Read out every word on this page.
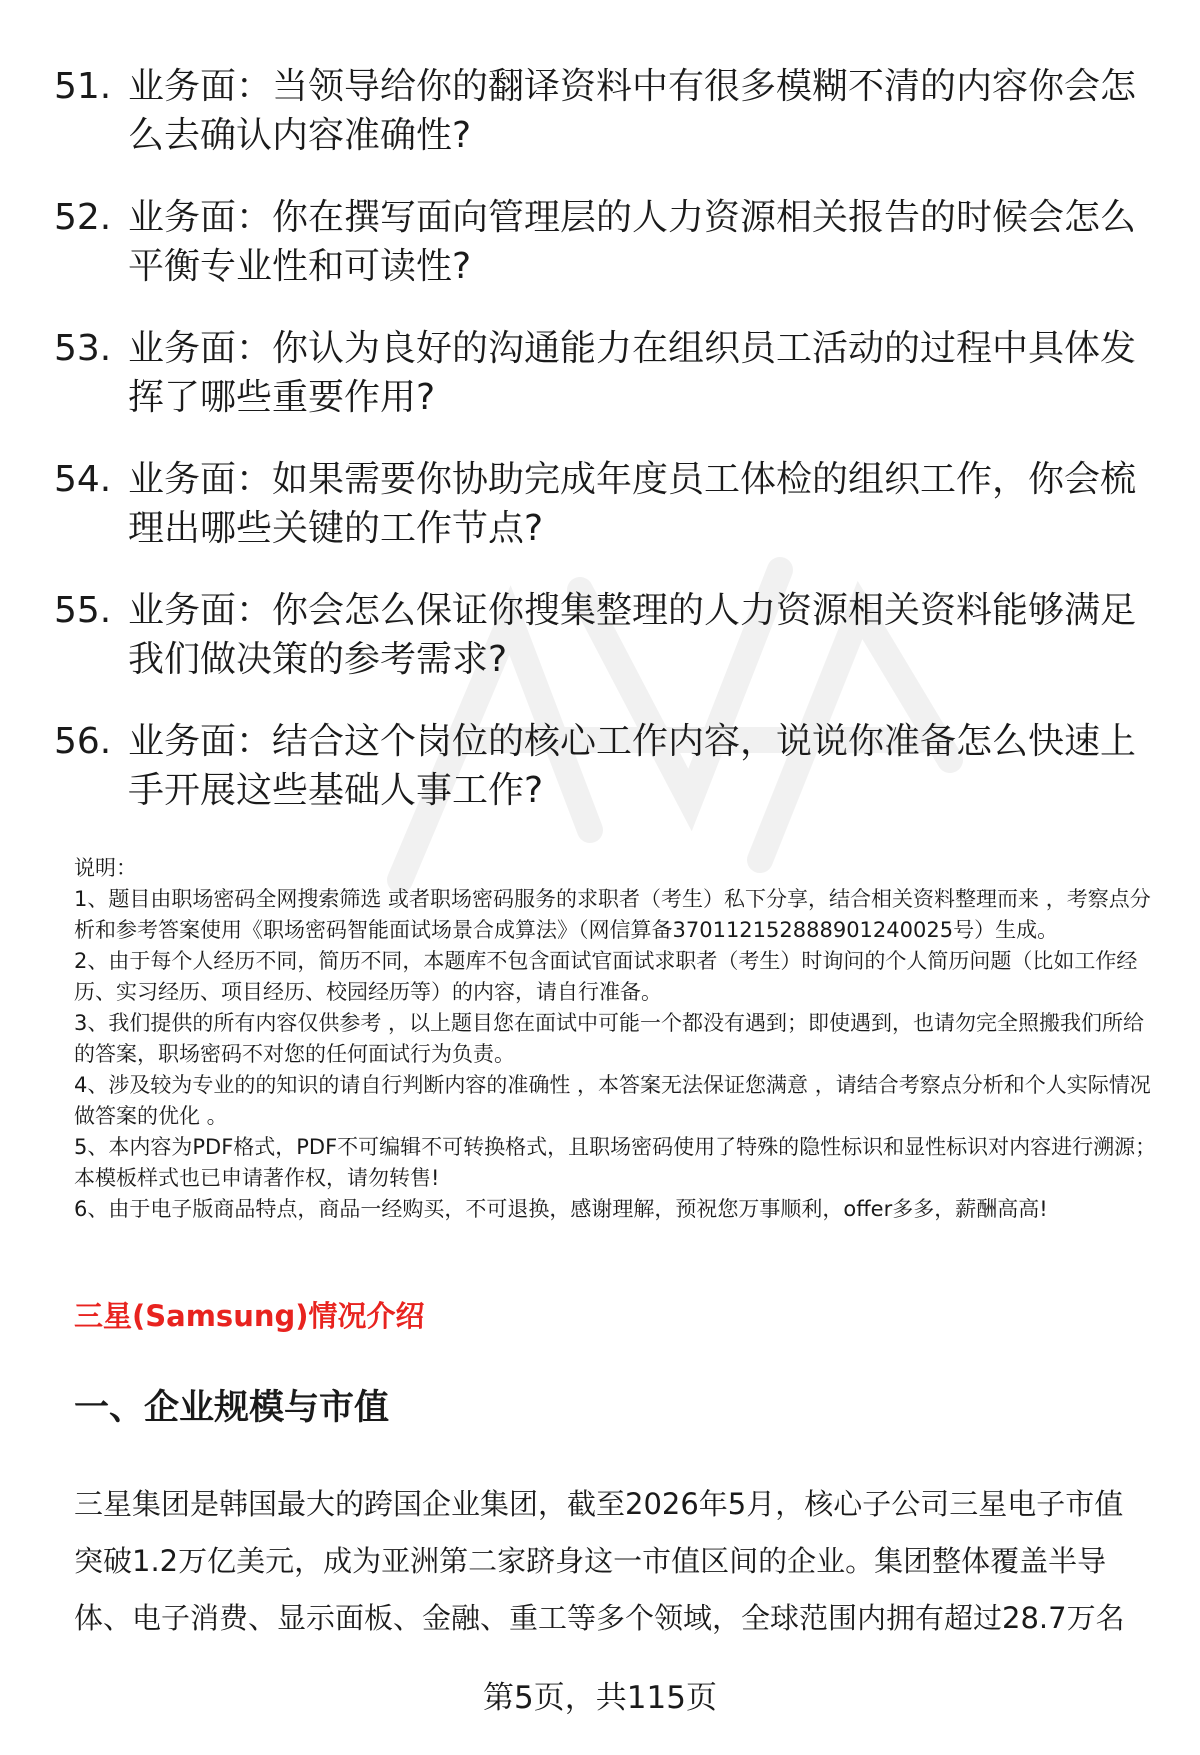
51. 业务面：当领导给你的翻译资料中有很多模糊不清的内容你会怎么去确认内容准确性?
52. 业务面：你在撰写面向管理层的人力资源相关报告的时候会怎么平衡专业性和可读性?
53. 业务面：你认为良好的沟通能力在组织员工活动的过程中具体发挥了哪些重要作用?
54. 业务面：如果需要你协助完成年度员工体检的组织工作，你会梳理出哪些关键的工作节点?
55. 业务面：你会怎么保证你搜集整理的人力资源相关资料能够满足我们做决策的参考需求?
56. 业务面：结合这个岗位的核心工作内容，说说你准备怎么快速上手开展这些基础人事工作?

说明：

1、题目由职场密码全网搜索筛选 或者职场密码服务的求职者（考生）私下分享，结合相关资料整理而来 ，考察点分析和参考答案使用《职场密码智能面试场景合成算法》（网信算备370112152888901240025号）生成。

2、由于每个人经历不同，简历不同，本题库不包含面试官面试求职者（考生）时询问的个人简历问题（比如工作经历、实习经历、项目经历、校园经历等）的内容，请自行准备。

3、我们提供的所有内容仅供参考 ，以上题目您在面试中可能一个都没有遇到；即使遇到，也请勿完全照搬我们所给的答案，职场密码不对您的任何面试行为负责。

4、涉及较为专业的的知识的请自行判断内容的准确性 ，本答案无法保证您满意 ，请结合考察点分析和个人实际情况做答案的优化 。

5、本内容为PDF格式，PDF不可编辑不可转换格式，且职场密码使用了特殊的隐性标识和显性标识对内容进行溯源；本模板样式也已申请著作权，请勿转售!

6、由于电子版商品特点，商品一经购买，不可退换，感谢理解，预祝您万事顺利，offer多多，薪酬高高!

三星(Samsung)情况介绍
一、企业规模与市值

三星集团是韩国最大的跨国企业集团，截至2026年5月，核心子公司三星电子市值突破1.2万亿美元，成为亚洲第二家跻身这一市值区间的企业。集团整体覆盖半导体、电子消费、显示面板、金融、重工等多个领域，全球范围内拥有超过28.7万名

第5页，共115页
